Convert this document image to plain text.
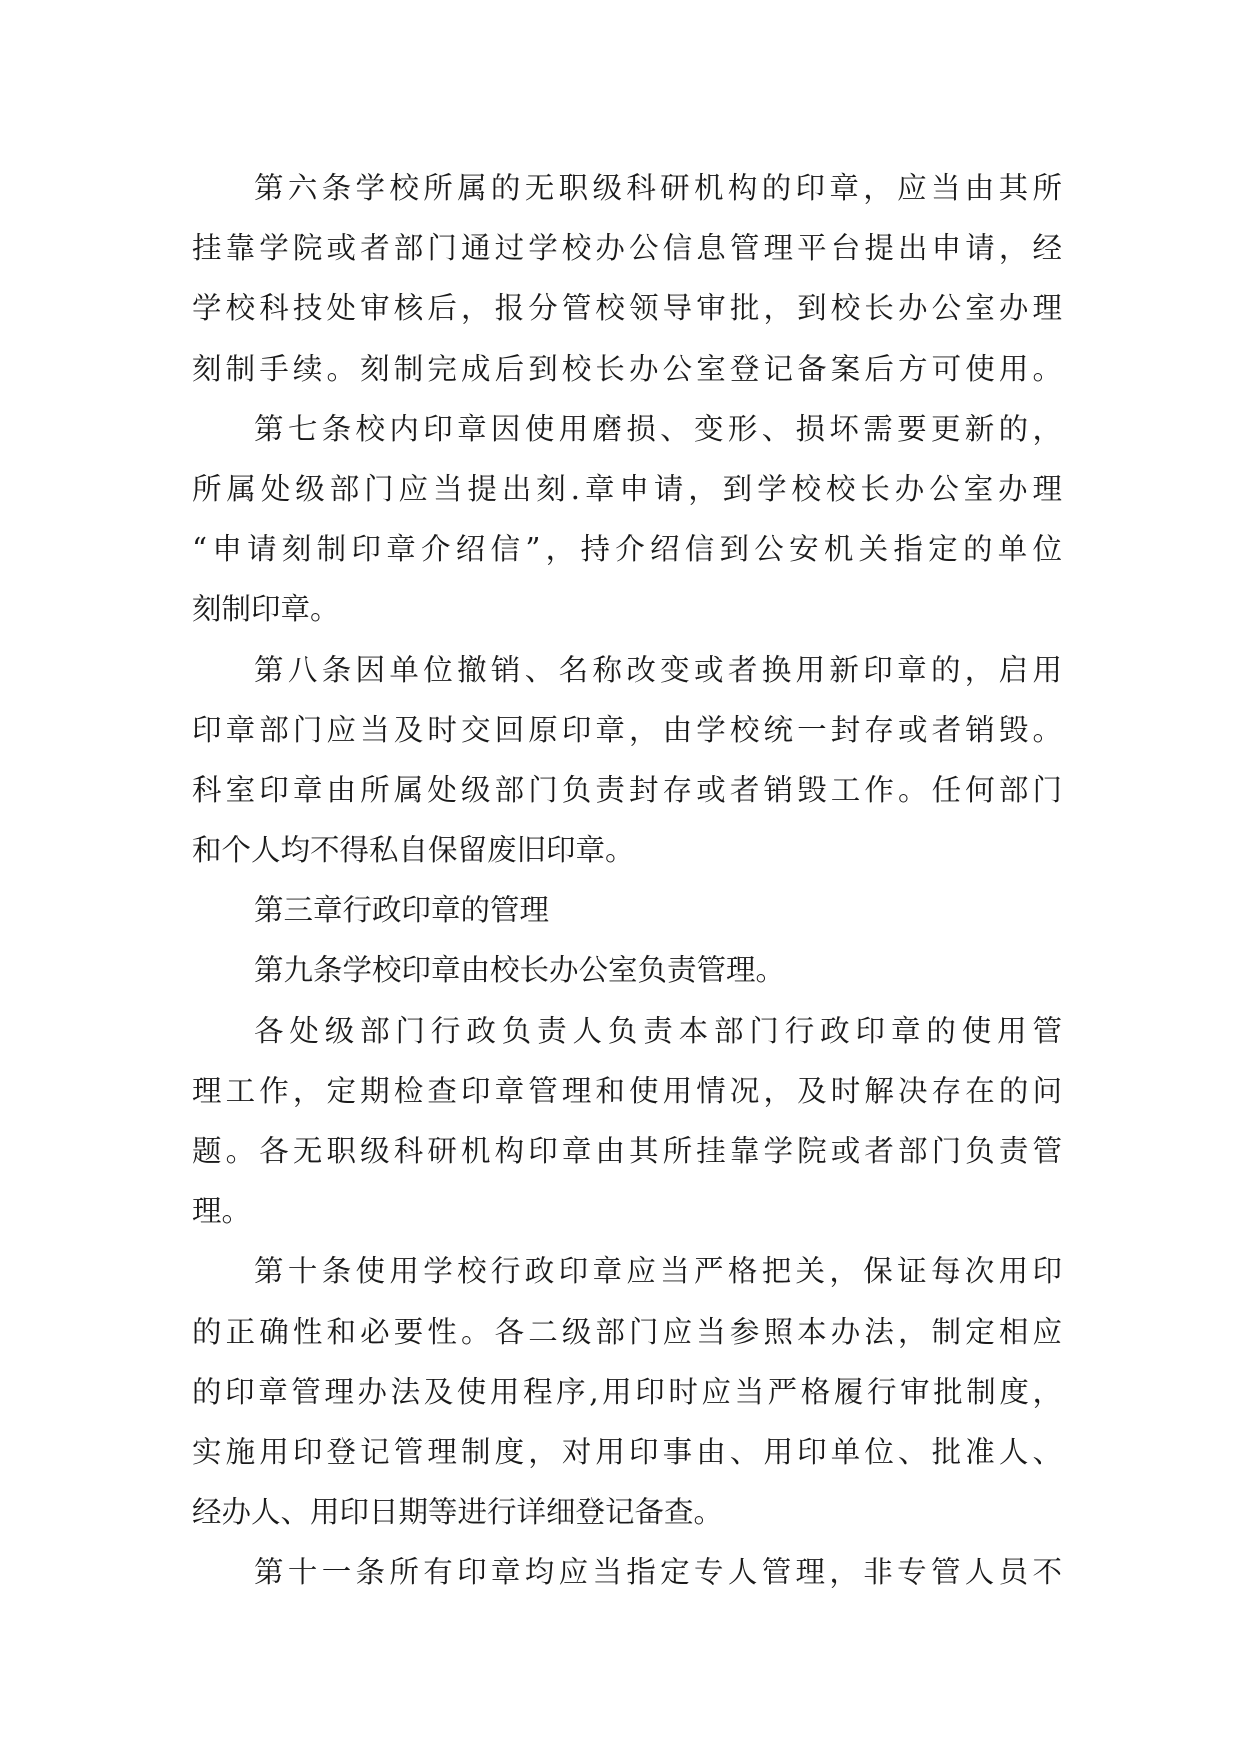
第六条学校所属的无职级科研机构的印章，应当由其所
挂靠学院或者部门通过学校办公信息管理平台提出申请，经
学校科技处审核后，报分管校领导审批，到校长办公室办理
刻制手续。刻制完成后到校长办公室登记备案后方可使用。
第七条校内印章因使用磨损、变形、损坏需要更新的，
所属处级部门应当提出刻.章申请，到学校校长办公室办理
“申请刻制印章介绍信”，持介绍信到公安机关指定的单位
刻制印章。
第八条因单位撤销、名称改变或者换用新印章的，启用
印章部门应当及时交回原印章，由学校统一封存或者销毁。
科室印章由所属处级部门负责封存或者销毁工作。任何部门
和个人均不得私自保留废旧印章。
第三章行政印章的管理
第九条学校印章由校长办公室负责管理。
各处级部门行政负责人负责本部门行政印章的使用管
理工作，定期检查印章管理和使用情况，及时解决存在的问
题。各无职级科研机构印章由其所挂靠学院或者部门负责管
理。
第十条使用学校行政印章应当严格把关，保证每次用印
的正确性和必要性。各二级部门应当参照本办法，制定相应
的印章管理办法及使用程序,用印时应当严格履行审批制度，
实施用印登记管理制度，对用印事由、用印单位、批准人、
经办人、用印日期等进行详细登记备查。
第十一条所有印章均应当指定专人管理，非专管人员不
